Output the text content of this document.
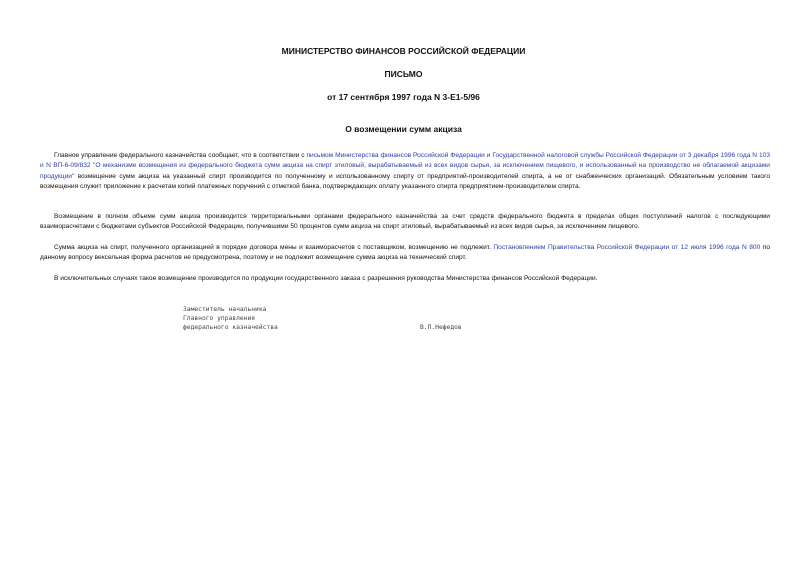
МИНИСТЕРСТВО ФИНАНСОВ РОССИЙСКОЙ ФЕДЕРАЦИИ
ПИСЬМО
от 17 сентября 1997 года N 3-Е1-5/96
О возмещении сумм акциза

Главное управление федерального казначейства сообщает, что в соответствии с письмом Министерства финансов Российской Федерации и Государственной налоговой службы Российской Федерации от 3 декабря 1996 года N 103 и N ВП-6-09/832 "О механизме возмещения из федерального бюджета сумм акциза на спирт этиловый, вырабатываемый из всех видов сырья, за исключением пищевого, и использованный на производство не облагаемой акцизами продукции" возмещение сумм акциза на указанный спирт производится по полученному и использованному спирту от предприятий-производителей спирта, а не от снабженческих организаций. Обязательным условием такого возмещения служит приложение к расчетам копий платежных поручений с отметкой банка, подтверждающих оплату указанного спирта предприятием-производителем спирта.

Возмещение в полном объеме сумм акциза производится территориальными органами федерального казначейства за счет средств федерального бюджета в пределах общих поступлений налогов с последующими взаиморасчетами с бюджетами субъектов Российской Федерации, получившими 50 процентов сумм акциза на спирт этиловый, вырабатываемый из всех видов сырья, за исключением пищевого.

Сумма акциза на спирт, полученного организацией в порядке договора мены и взаиморасчетов с поставщиком, возмещению не подлежит. Постановлением Правительства Российской Федерации от 12 июля 1996 года N 800 по данному вопросу вексельная форма расчетов не предусмотрена, поэтому и не подлежит возмещение сумма акциза на технический спирт.

В исключительных случаях такое возмещение производится по продукции государственного заказа с разрешения руководства Министерства финансов Российской Федерации.

Заместитель начальника
Главного управления
федерального казначейства	В.П.Нефедов
